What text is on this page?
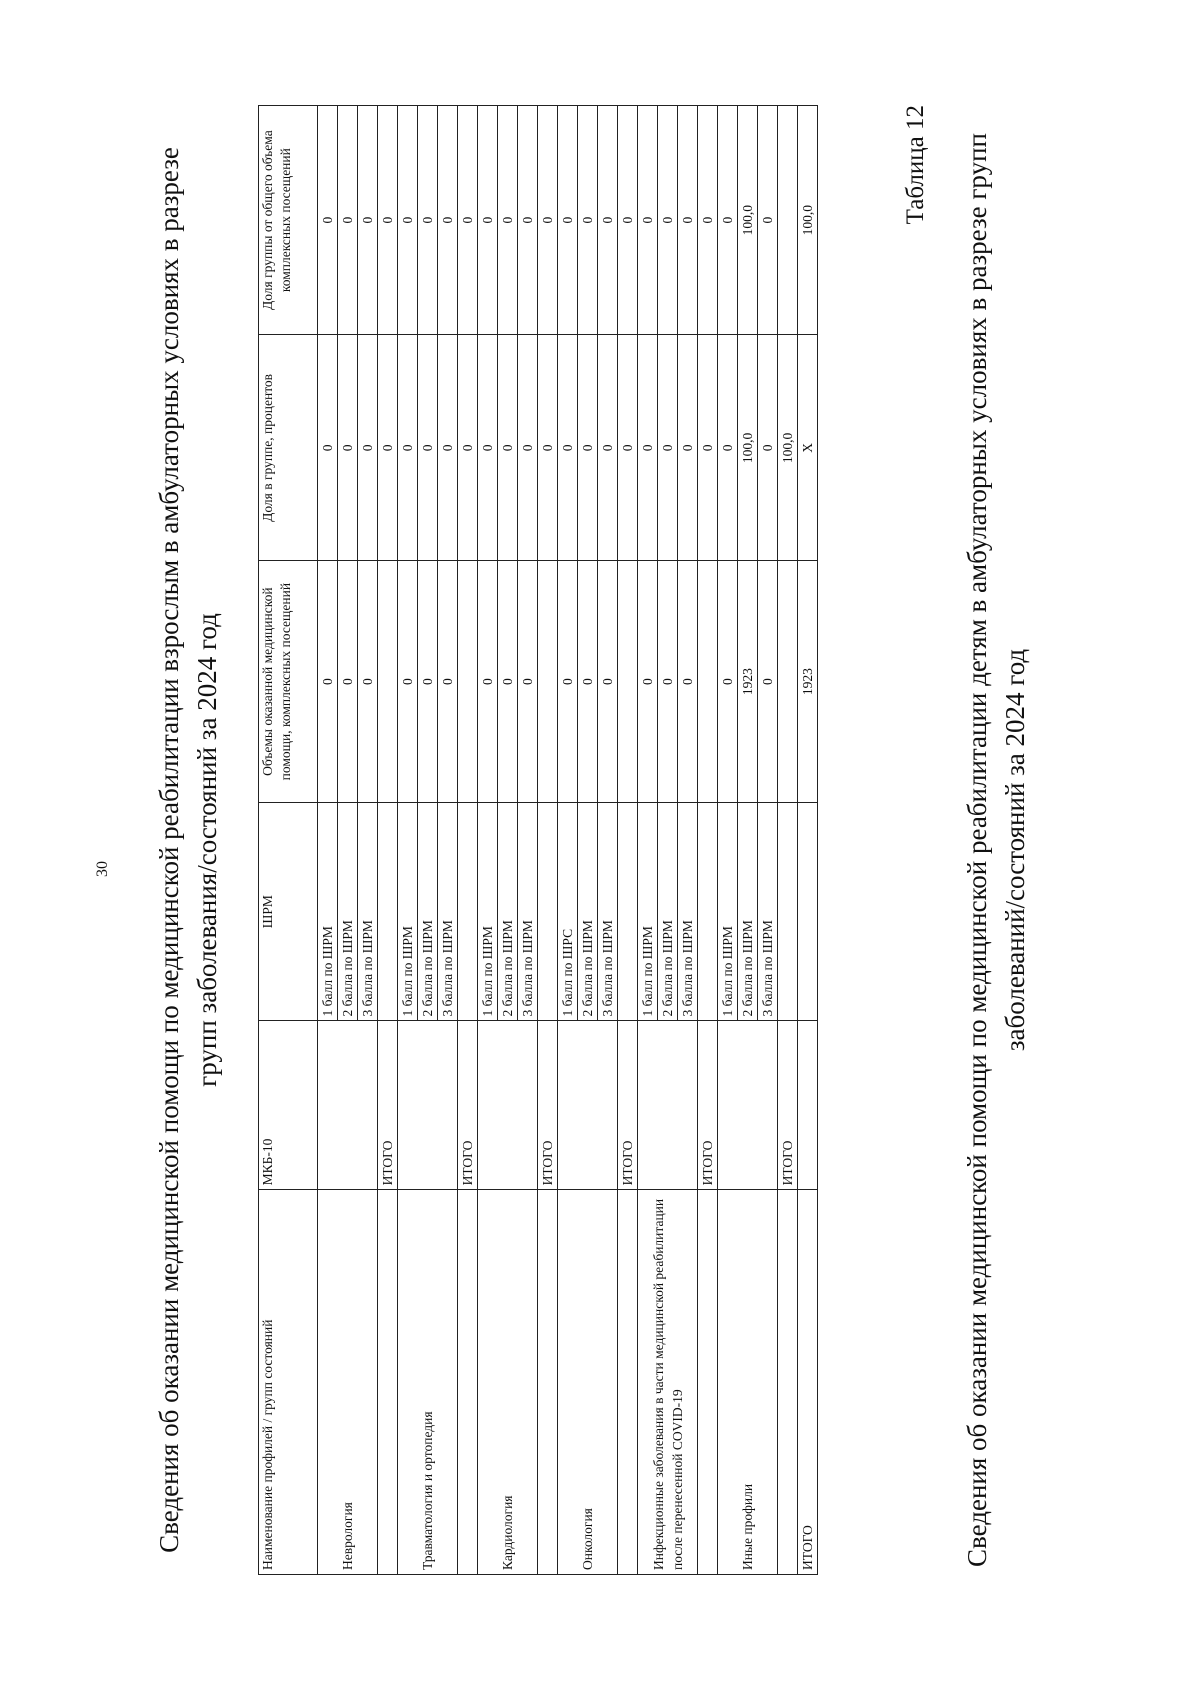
30 Сведения об оказании медицинской помощи по медицинской реабилитации взрослым в амбулаторных условиях в разрезе групп заболевания/состояний за 2024 год
Наименование профилей / групп состояний	МКБ-10	ШРМ	Объемы оказанной медицинской помощи, комплексных посещений	Доля в группе, процентов	Доля группы от общего объема комплексных посещений
Неврология		1 балл по ШРМ	0	0	0
		2 балла по ШРМ	0	0	0
		3 балла по ШРМ	0	0	0
	ИТОГО			0	0
Травматология и ортопедия		1 балл по ШРМ	0	0	0
		2 балла по ШРМ	0	0	0
		3 балла по ШРМ	0	0	0
	ИТОГО			0	0
Кардиология		1 балл по ШРМ	0	0	0
		2 балла по ШРМ	0	0	0
		3 балла по ШРМ	0	0	0
	ИТОГО			0	0
Онкология		1 балл по ШРС	0	0	0
		2 балла по ШРМ	0	0	0
		3 балла по ШРМ	0	0	0
	ИТОГО			0	0
Инфекционные заболевания в части медицинской реабилитации после перенесенной COVID-19		1 балл по ШРМ	0	0	0
		2 балла по ШРМ	0	0	0
		3 балла по ШРМ	0	0	0
	ИТОГО			0	0
Иные профили		1 балл по ШРМ	0	0	0
		2 балла по ШРМ	1923	100,0	100,0
		3 балла по ШРМ	0	0	0
	ИТОГО			100,0	
ИТОГО			1923	X	100,0	Таблица 12 Сведения об оказании медицинской помощи по медицинской реабилитации детям в амбулаторных условиях в разрезе групп заболеваний/состояний за 2024 год
